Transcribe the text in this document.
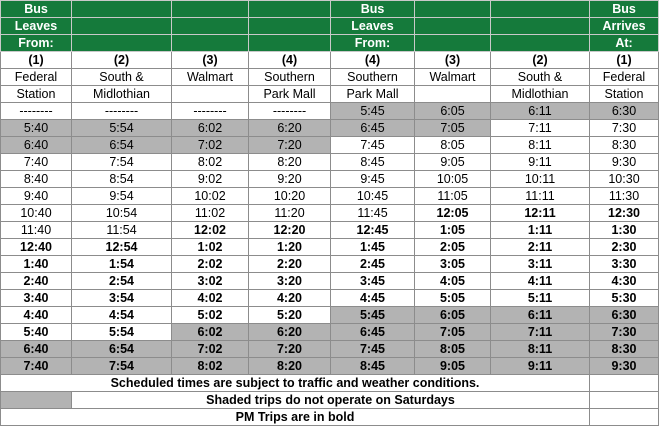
Bus				Bus			Bus
Leaves				Leaves			Arrives
From:				From:			At:
(1)	(2)	(3)	(4)	(4)	(3)	(2)	(1)
Federal	South &	Walmart	Southern	Southern	Walmart	South &	Federal
Station	Midlothian		Park Mall	Park Mall		Midlothian	Station
--------	--------	--------	--------	5:45	6:05	6:11	6:30
5:40	5:54	6:02	6:20	6:45	7:05	7:11	7:30
6:40	6:54	7:02	7:20	7:45	8:05	8:11	8:30
7:40	7:54	8:02	8:20	8:45	9:05	9:11	9:30
8:40	8:54	9:02	9:20	9:45	10:05	10:11	10:30
9:40	9:54	10:02	10:20	10:45	11:05	11:11	11:30
10:40	10:54	11:02	11:20	11:45	12:05	12:11	12:30
11:40	11:54	12:02	12:20	12:45	1:05	1:11	1:30
12:40	12:54	1:02	1:20	1:45	2:05	2:11	2:30
1:40	1:54	2:02	2:20	2:45	3:05	3:11	3:30
2:40	2:54	3:02	3:20	3:45	4:05	4:11	4:30
3:40	3:54	4:02	4:20	4:45	5:05	5:11	5:30
4:40	4:54	5:02	5:20	5:45	6:05	6:11	6:30
5:40	5:54	6:02	6:20	6:45	7:05	7:11	7:30
6:40	6:54	7:02	7:20	7:45	8:05	8:11	8:30
7:40	7:54	8:02	8:20	8:45	9:05	9:11	9:30
Scheduled times are subject to traffic and weather conditions.							
	Shaded trips do not operate on Saturdays						
PM Trips are in bold							
